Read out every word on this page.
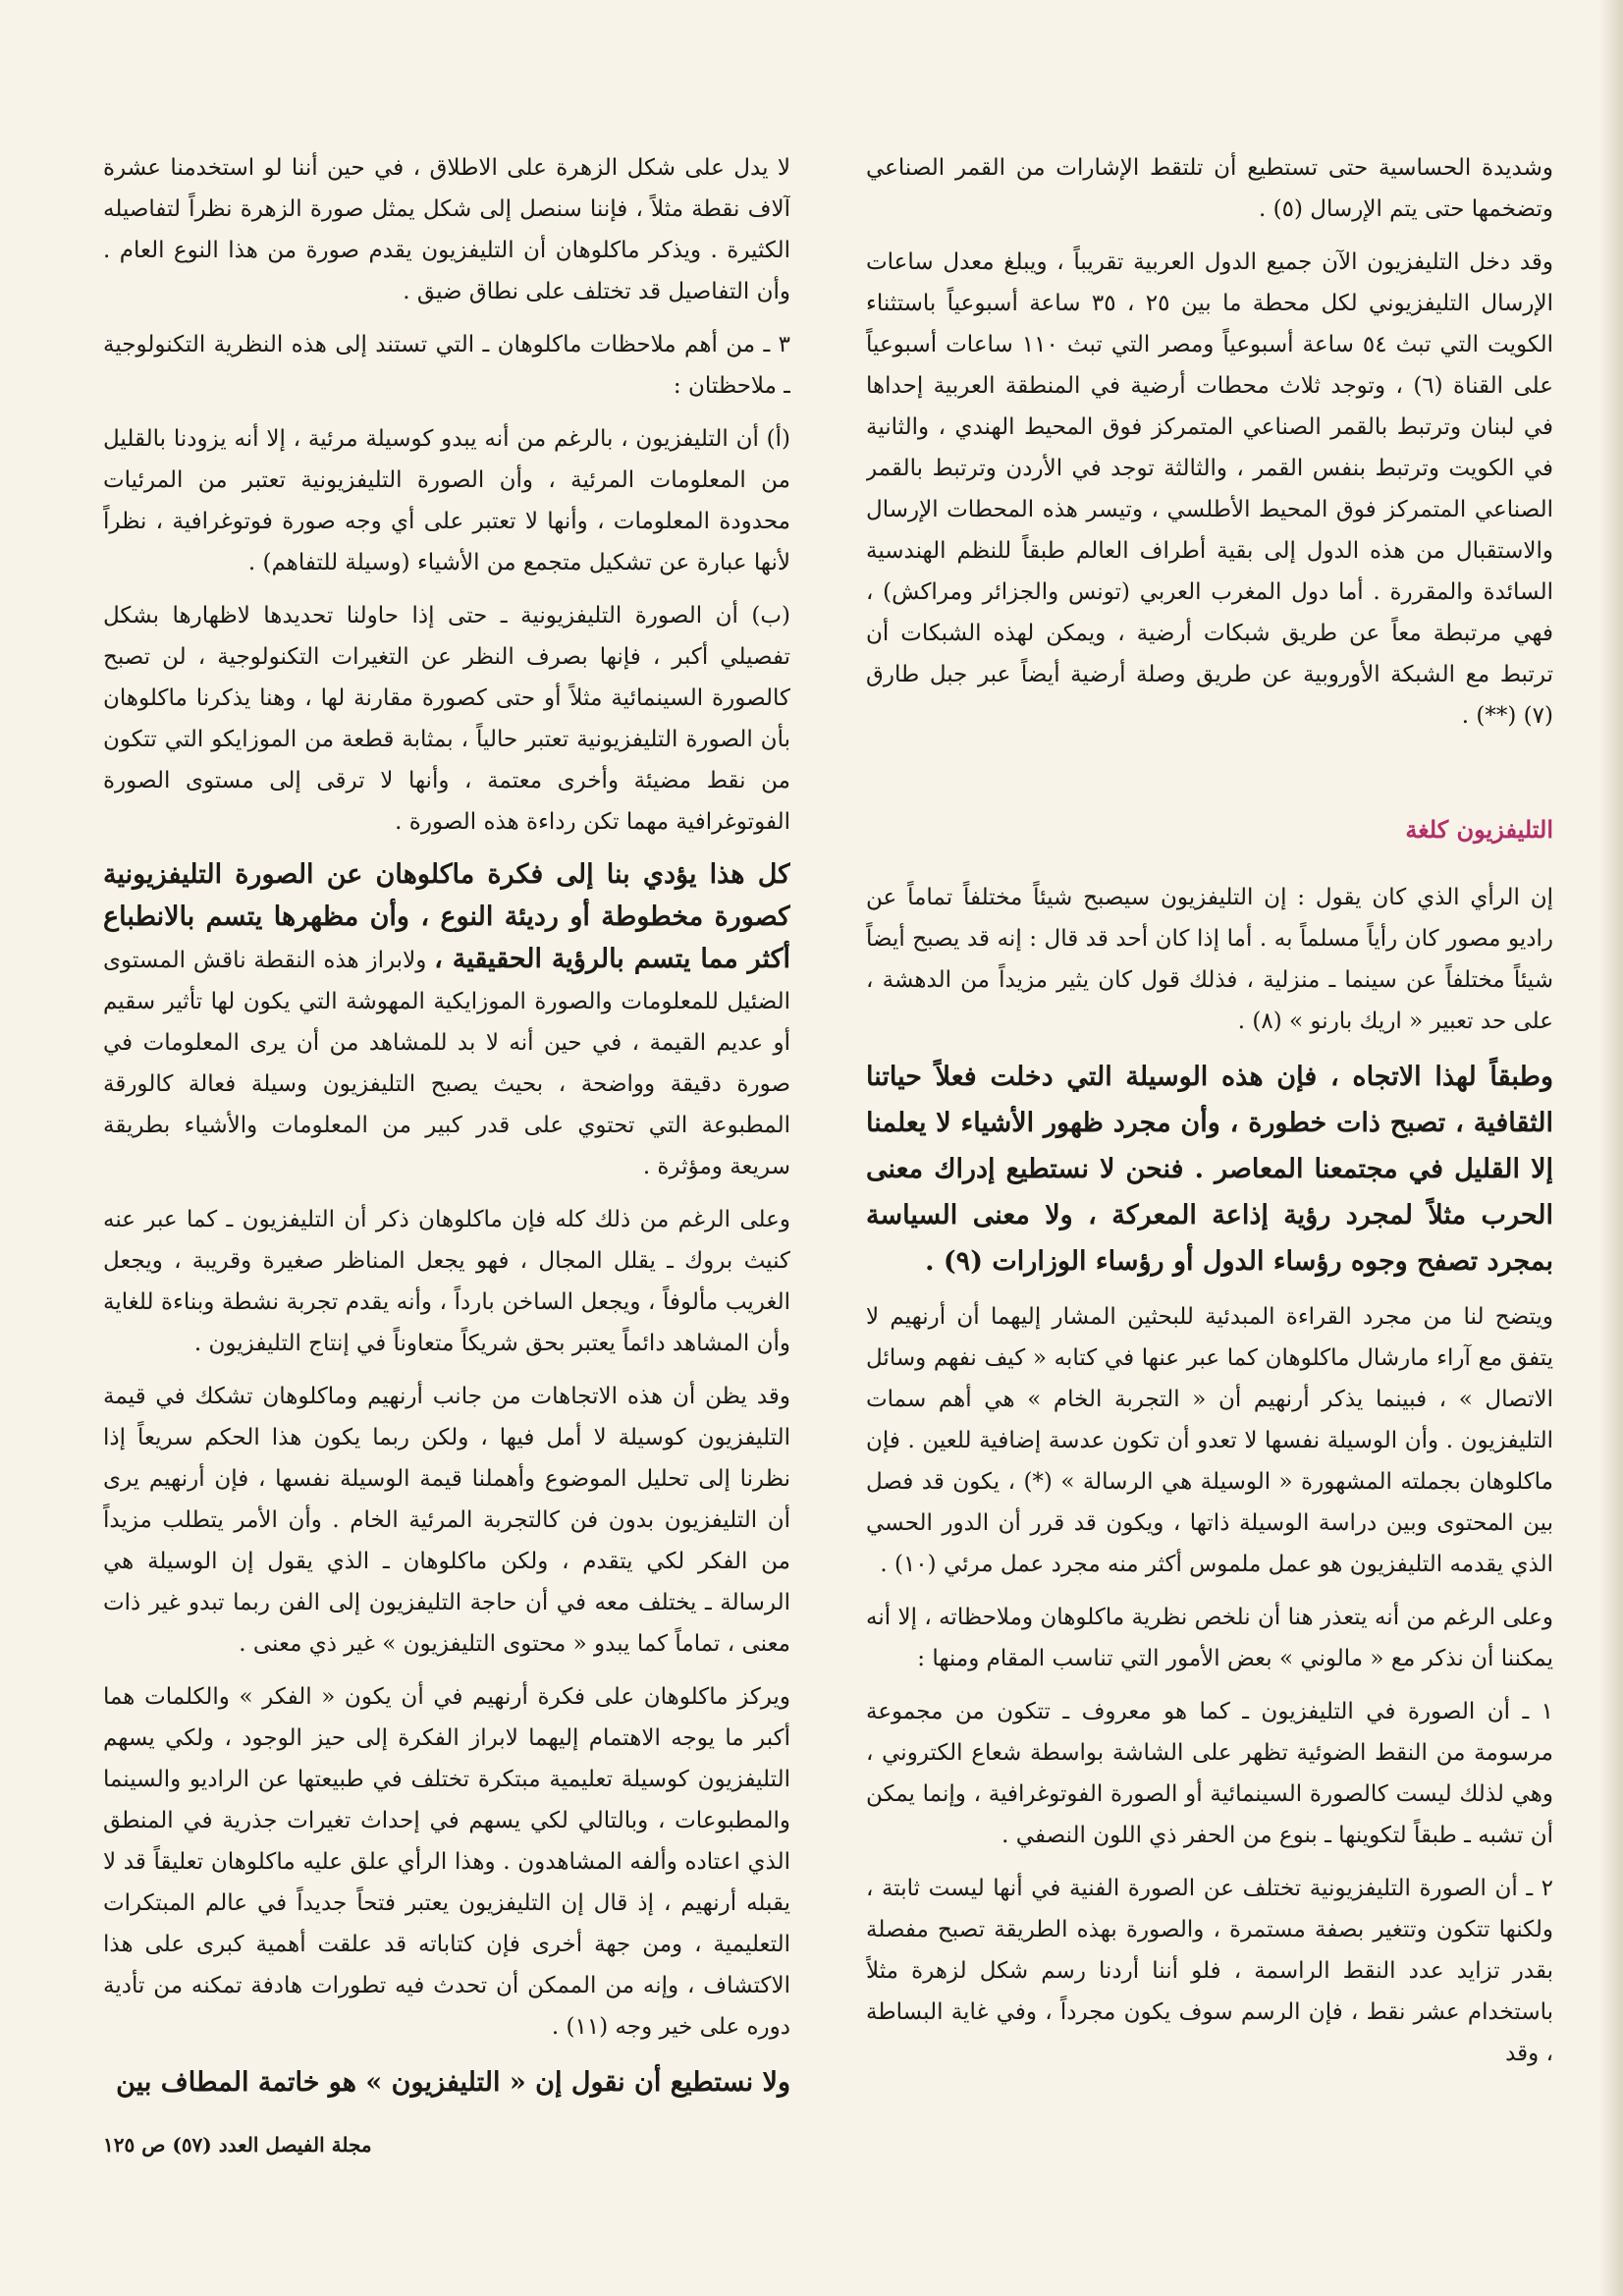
وشديدة الحساسية حتى تستطيع أن تلتقط الإشارات من القمر الصناعي وتضخمها حتى يتم الإرسال (٥) .

وقد دخل التليفزيون الآن جميع الدول العربية تقريباً ، ويبلغ معدل ساعات الإرسال التليفزيوني لكل محطة ما بين ٢٥ ، ٣٥ ساعة أسبوعياً باستثناء الكويت التي تبث ٥٤ ساعة أسبوعياً ومصر التي تبث ١١٠ ساعات أسبوعياً على القناة (٦) ، وتوجد ثلاث محطات أرضية في المنطقة العربية إحداها في لبنان وترتبط بالقمر الصناعي المتمركز فوق المحيط الهندي ، والثانية في الكويت وترتبط بنفس القمر ، والثالثة توجد في الأردن وترتبط بالقمر الصناعي المتمركز فوق المحيط الأطلسي ، وتيسر هذه المحطات الإرسال والاستقبال من هذه الدول إلى بقية أطراف العالم طبقاً للنظم الهندسية السائدة والمقررة . أما دول المغرب العربي (تونس والجزائر ومراكش) ، فهي مرتبطة معاً عن طريق شبكات أرضية ، ويمكن لهذه الشبكات أن ترتبط مع الشبكة الأوروبية عن طريق وصلة أرضية أيضاً عبر جبل طارق (٧) (**) .

التليفزيون كلغة

إن الرأي الذي كان يقول : إن التليفزيون سيصبح شيئاً مختلفاً تماماً عن راديو مصور كان رأياً مسلماً به . أما إذا كان أحد قد قال : إنه قد يصبح أيضاً شيئاً مختلفاً عن سينما ـ منزلية ، فذلك قول كان يثير مزيداً من الدهشة ، على حد تعبير « اريك بارنو » (٨) .

وطبقاً لهذا الاتجاه ، فإن هذه الوسيلة التي دخلت فعلاً حياتنا الثقافية ، تصبح ذات خطورة ، وأن مجرد ظهور الأشياء لا يعلمنا إلا القليل في مجتمعنا المعاصر . فنحن لا نستطيع إدراك معنى الحرب مثلاً لمجرد رؤية إذاعة المعركة ، ولا معنى السياسة بمجرد تصفح وجوه رؤساء الدول أو رؤساء الوزارات (٩) .

ويتضح لنا من مجرد القراءة المبدئية للبحثين المشار إليهما أن أرنهيم لا يتفق مع آراء مارشال ماكلوهان كما عبر عنها في كتابه « كيف نفهم وسائل الاتصال » ، فبينما يذكر أرنهيم أن « التجربة الخام » هي أهم سمات التليفزيون . وأن الوسيلة نفسها لا تعدو أن تكون عدسة إضافية للعين . فإن ماكلوهان بجملته المشهورة « الوسيلة هي الرسالة » (*) ، يكون قد فصل بين المحتوى وبين دراسة الوسيلة ذاتها ، ويكون قد قرر أن الدور الحسي الذي يقدمه التليفزيون هو عمل ملموس أكثر منه مجرد عمل مرئي (١٠) .

وعلى الرغم من أنه يتعذر هنا أن نلخص نظرية ماكلوهان وملاحظاته ، إلا أنه يمكننا أن نذكر مع « مالوني » بعض الأمور التي تناسب المقام ومنها :

١ ـ أن الصورة في التليفزيون ـ كما هو معروف ـ تتكون من مجموعة مرسومة من النقط الضوئية تظهر على الشاشة بواسطة شعاع الكتروني ، وهي لذلك ليست كالصورة السينمائية أو الصورة الفوتوغرافية ، وإنما يمكن أن تشبه ـ طبقاً لتكوينها ـ بنوع من الحفر ذي اللون النصفي .

٢ ـ أن الصورة التليفزيونية تختلف عن الصورة الفنية في أنها ليست ثابتة ، ولكنها تتكون وتتغير بصفة مستمرة ، والصورة بهذه الطريقة تصبح مفصلة بقدر تزايد عدد النقط الراسمة ، فلو أننا أردنا رسم شكل لزهرة مثلاً باستخدام عشر نقط ، فإن الرسم سوف يكون مجرداً ، وفي غاية البساطة ، وقد

لا يدل على شكل الزهرة على الاطلاق ، في حين أننا لو استخدمنا عشرة آلاف نقطة مثلاً ، فإننا سنصل إلى شكل يمثل صورة الزهرة نظراً لتفاصيله الكثيرة . ويذكر ماكلوهان أن التليفزيون يقدم صورة من هذا النوع العام . وأن التفاصيل قد تختلف على نطاق ضيق .

٣ ـ من أهم ملاحظات ماكلوهان ـ التي تستند إلى هذه النظرية التكنولوجية ـ ملاحظتان :

(أ) أن التليفزيون ، بالرغم من أنه يبدو كوسيلة مرئية ، إلا أنه يزودنا بالقليل من المعلومات المرئية ، وأن الصورة التليفزيونية تعتبر من المرئيات محدودة المعلومات ، وأنها لا تعتبر على أي وجه صورة فوتوغرافية ، نظراً لأنها عبارة عن تشكيل متجمع من الأشياء (وسيلة للتفاهم) .

(ب) أن الصورة التليفزيونية ـ حتى إذا حاولنا تحديدها لاظهارها بشكل تفصيلي أكبر ، فإنها بصرف النظر عن التغيرات التكنولوجية ، لن تصبح كالصورة السينمائية مثلاً أو حتى كصورة مقارنة لها ، وهنا يذكرنا ماكلوهان بأن الصورة التليفزيونية تعتبر حالياً ، بمثابة قطعة من الموزايكو التي تتكون من نقط مضيئة وأخرى معتمة ، وأنها لا ترقى إلى مستوى الصورة الفوتوغرافية مهما تكن رداءة هذه الصورة .

كل هذا يؤدي بنا إلى فكرة ماكلوهان عن الصورة التليفزيونية كصورة مخطوطة أو رديئة النوع ، وأن مظهرها يتسم بالانطباع أكثر مما يتسم بالرؤية الحقيقية ، ولابراز هذه النقطة ناقش المستوى الضئيل للمعلومات والصورة الموزايكية المهوشة التي يكون لها تأثير سقيم أو عديم القيمة ، في حين أنه لا بد للمشاهد من أن يرى المعلومات في صورة دقيقة وواضحة ، بحيث يصبح التليفزيون وسيلة فعالة كالورقة المطبوعة التي تحتوي على قدر كبير من المعلومات والأشياء بطريقة سريعة ومؤثرة .

وعلى الرغم من ذلك كله فإن ماكلوهان ذكر أن التليفزيون ـ كما عبر عنه كنيث بروك ـ يقلل المجال ، فهو يجعل المناظر صغيرة وقريبة ، ويجعل الغريب مألوفاً ، ويجعل الساخن بارداً ، وأنه يقدم تجربة نشطة وبناءة للغاية وأن المشاهد دائماً يعتبر بحق شريكاً متعاوناً في إنتاج التليفزيون .

وقد يظن أن هذه الاتجاهات من جانب أرنهيم وماكلوهان تشكك في قيمة التليفزيون كوسيلة لا أمل فيها ، ولكن ربما يكون هذا الحكم سريعاً إذا نظرنا إلى تحليل الموضوع وأهملنا قيمة الوسيلة نفسها ، فإن أرنهيم يرى أن التليفزيون بدون فن كالتجربة المرئية الخام . وأن الأمر يتطلب مزيداً من الفكر لكي يتقدم ، ولكن ماكلوهان ـ الذي يقول إن الوسيلة هي الرسالة ـ يختلف معه في أن حاجة التليفزيون إلى الفن ربما تبدو غير ذات معنى ، تماماً كما يبدو « محتوى التليفزيون » غير ذي معنى .

ويركز ماكلوهان على فكرة أرنهيم في أن يكون « الفكر » والكلمات هما أكبر ما يوجه الاهتمام إليهما لابراز الفكرة إلى حيز الوجود ، ولكي يسهم التليفزيون كوسيلة تعليمية مبتكرة تختلف في طبيعتها عن الراديو والسينما والمطبوعات ، وبالتالي لكي يسهم في إحداث تغيرات جذرية في المنطق الذي اعتاده وألفه المشاهدون . وهذا الرأي علق عليه ماكلوهان تعليقاً قد لا يقبله أرنهيم ، إذ قال إن التليفزيون يعتبر فتحاً جديداً في عالم المبتكرات التعليمية ، ومن جهة أخرى فإن كتاباته قد علقت أهمية كبرى على هذا الاكتشاف ، وإنه من الممكن أن تحدث فيه تطورات هادفة تمكنه من تأدية دوره على خير وجه (١١) .

ولا نستطيع أن نقول إن « التليفزيون » هو خاتمة المطاف بين

مجلة الفيصل العدد (٥٧) ص ١٢٥
